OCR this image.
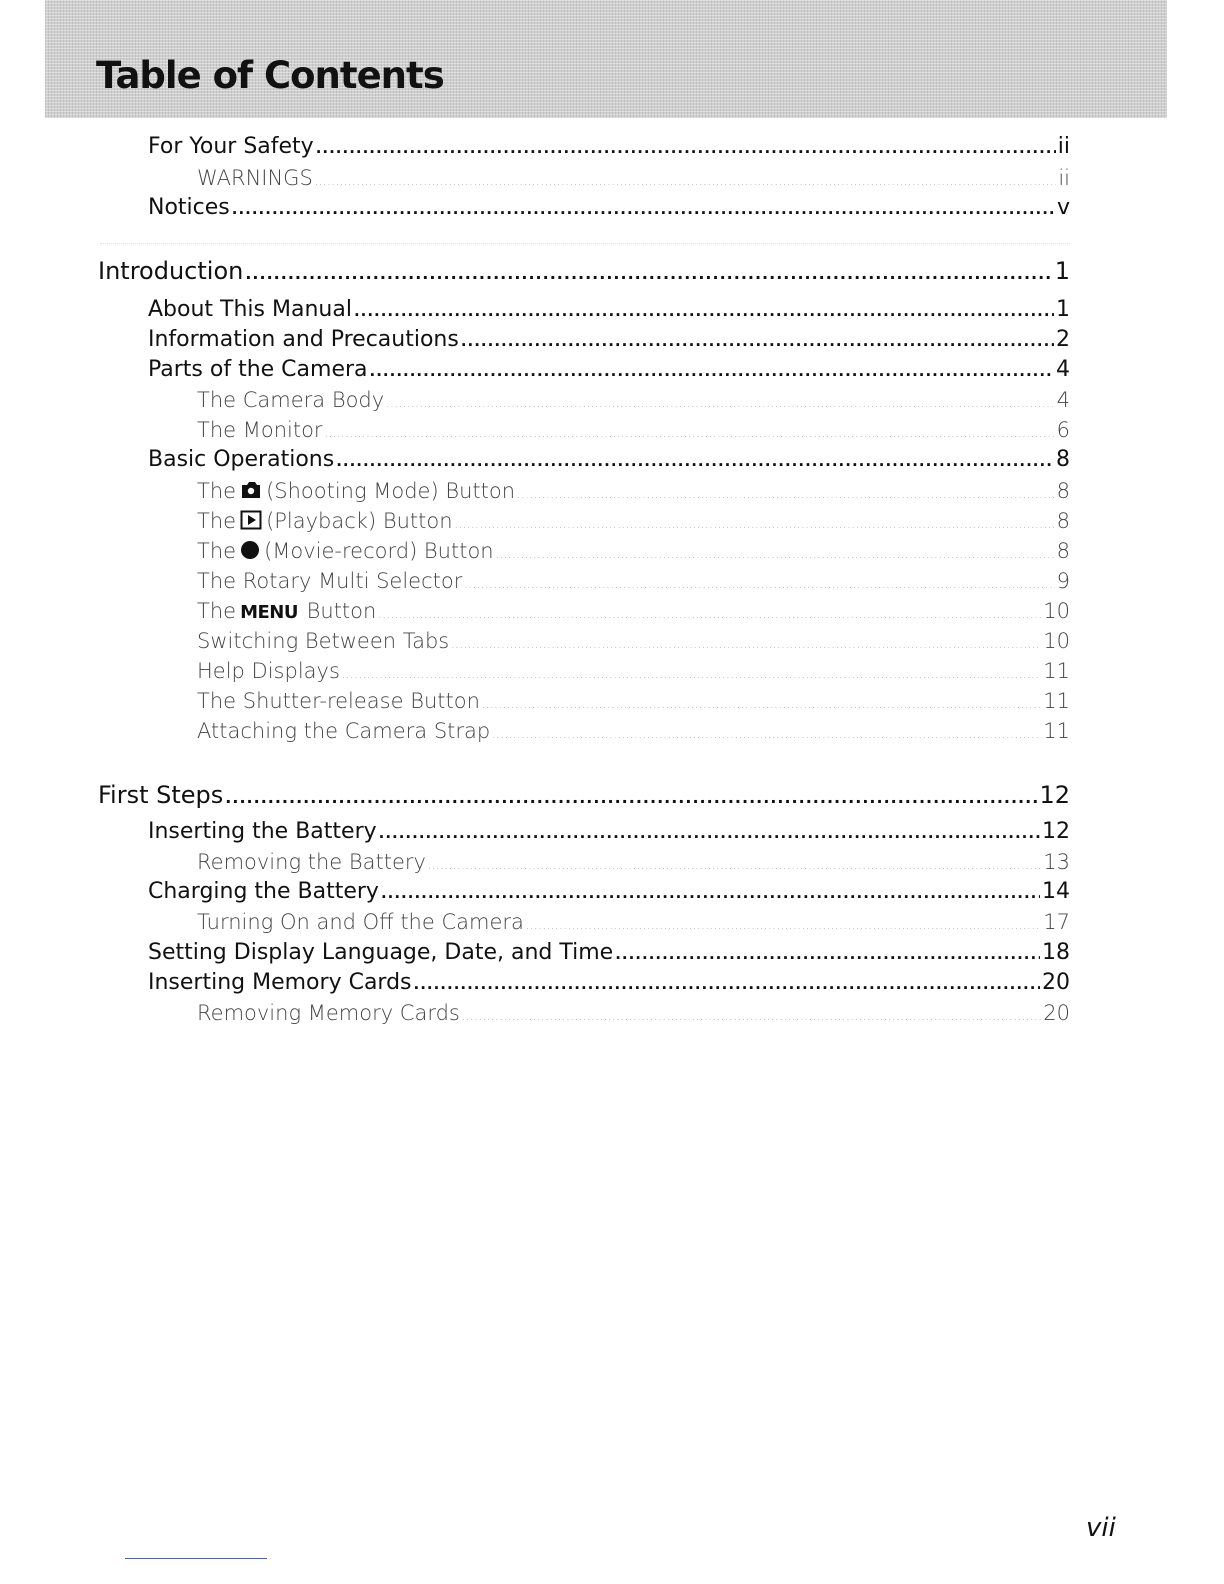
Table of Contents
For Your Safety .....	ii
WARNINGS .....	ii
Notices .....	v
Introduction .....	1
About This Manual .....	1
Information and Precautions .....	2
Parts of the Camera .....	4
The Camera Body .....	4
The Monitor .....	6
Basic Operations .....	8
The (Shooting Mode) Button .....	8
The (Playback) Button .....	8
The (Movie-record) Button .....	8
The Rotary Multi Selector .....	9
The MENU Button .....	10
Switching Between Tabs .....	10
Help Displays .....	11
The Shutter-release Button .....	11
Attaching the Camera Strap .....	11
First Steps .....	12
Inserting the Battery .....	12
Removing the Battery .....	13
Charging the Battery .....	14
Turning On and Off the Camera .....	17
Setting Display Language, Date, and Time .....	18
Inserting Memory Cards .....	20
Removing Memory Cards .....	20
vii
